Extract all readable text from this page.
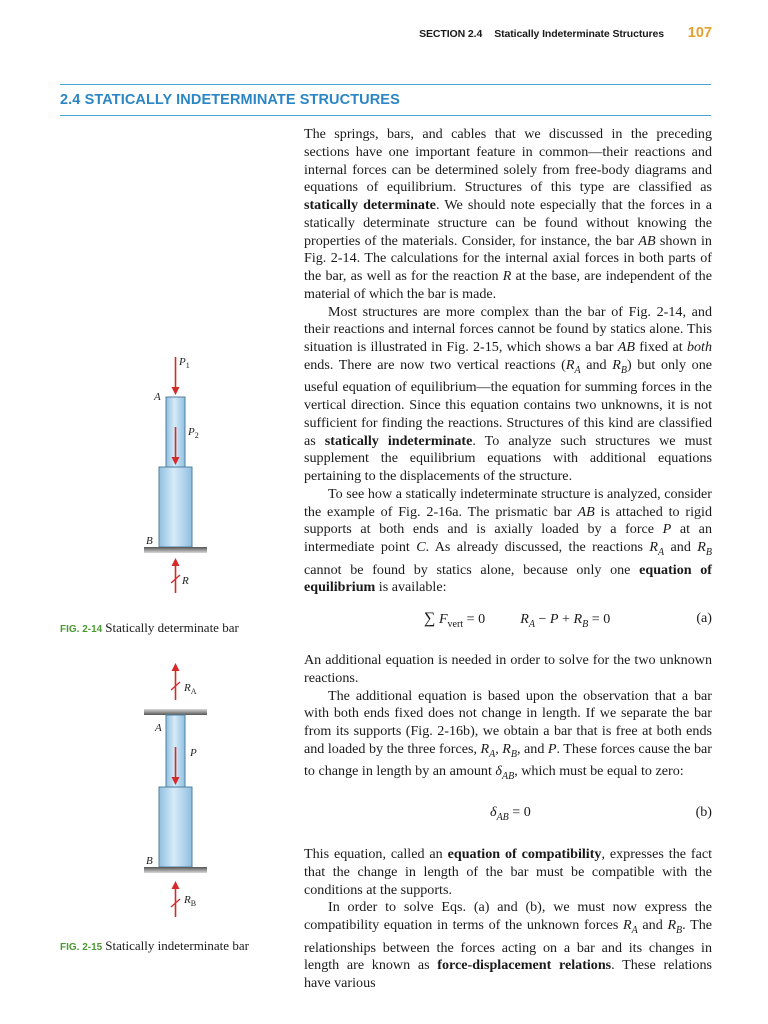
SECTION 2.4 Statically Indeterminate Structures 107
2.4 STATICALLY INDETERMINATE STRUCTURES

The springs, bars, and cables that we discussed in the preceding sections have one important feature in common—their reactions and internal forces can be determined solely from free-body diagrams and equations of equilibrium. Structures of this type are classified as statically determinate. We should note especially that the forces in a statically determinate structure can be found without knowing the properties of the materials. Consider, for instance, the bar AB shown in Fig. 2-14. The calculations for the internal axial forces in both parts of the bar, as well as for the reaction R at the base, are independent of the material of which the bar is made.

Most structures are more complex than the bar of Fig. 2-14, and their reactions and internal forces cannot be found by statics alone. This situation is illustrated in Fig. 2-15, which shows a bar AB fixed at both ends. There are now two vertical reactions ($R_A$ and $R_B$) but only one useful equation of equilibrium—the equation for summing forces in the vertical direction. Since this equation contains two unknowns, it is not sufficient for finding the reactions. Structures of this kind are classified as statically indeterminate. To analyze such structures we must supplement the equilibrium equations with additional equations pertaining to the displacements of the structure.

To see how a statically indeterminate structure is analyzed, consider the example of Fig. 2-16a. The prismatic bar AB is attached to rigid supports at both ends and is axially loaded by a force P at an intermediate point C. As already discussed, the reactions $R_A$ and $R_B$ cannot be found by statics alone, because only one equation of equilibrium is available:

∑ $F_{vert} = 0$ $R_A - P + R_B = 0$	(a)

An additional equation is needed in order to solve for the two unknown reactions.

The additional equation is based upon the observation that a bar with both ends fixed does not change in length. If we separate the bar from its supports (Fig. 2-16b), we obtain a bar that is free at both ends and loaded by the three forces, $R_A$, $R_B$, and P. These forces cause the bar to change in length by an amount $\delta_{AB}$, which must be equal to zero:

$\delta_{AB} = 0$	(b)

This equation, called an equation of compatibility, expresses the fact that the change in length of the bar must be compatible with the conditions at the supports.

In order to solve Eqs. (a) and (b), we must now express the compatibility equation in terms of the unknown forces $R_A$ and $R_B$. The relationships between the forces acting on a bar and its changes in length are known as force-displacement relations. These relations have various

$P_1$
A
$P_2$
B
R
FIG. 2-14 Statically determinate bar
$R_A$
A
P
B
$R_B$
FIG. 2-15 Statically indeterminate bar
